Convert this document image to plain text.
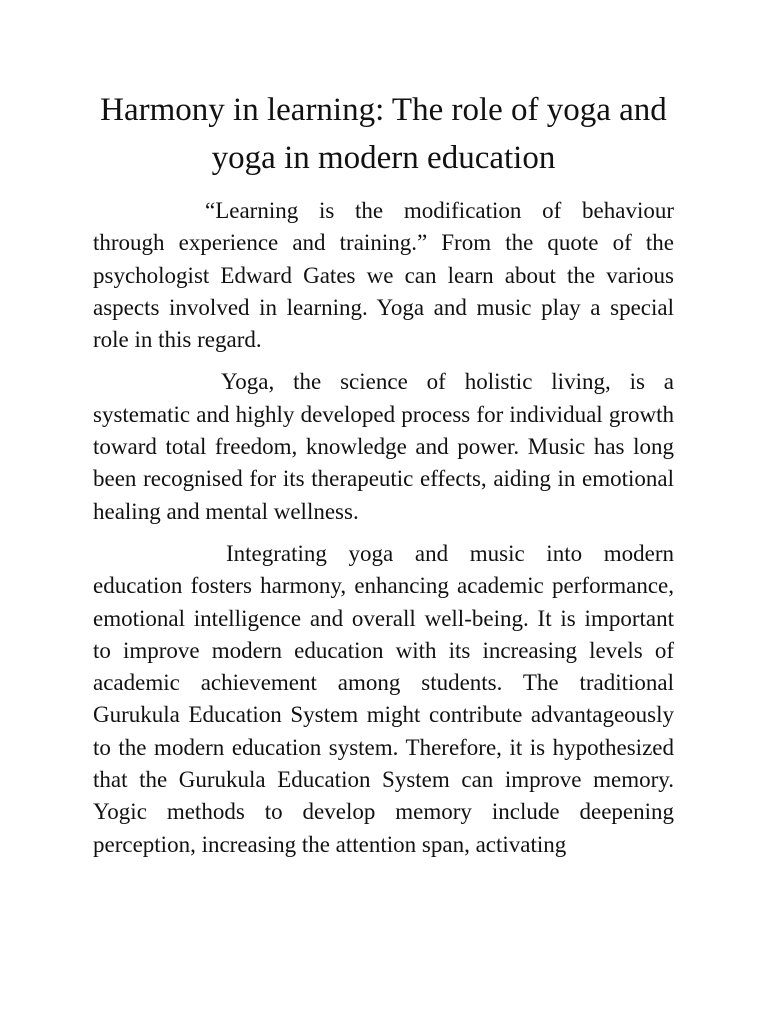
Harmony in learning: The role of yoga and yoga in modern education

“Learning is the modification of behaviour through experience and training.” From the quote of the psychologist Edward Gates we can learn about the various aspects involved in learning. Yoga and music play a special role in this regard.

Yoga, the science of holistic living, is a systematic and highly developed process for individual growth toward total freedom, knowledge and power. Music has long been recognised for its therapeutic effects, aiding in emotional healing and mental wellness.

Integrating yoga and music into modern education fosters harmony, enhancing academic performance, emotional intelligence and overall well-being. It is important to improve modern education with its increasing levels of academic achievement among students. The traditional Gurukula Education System might contribute advantageously to the modern education system. Therefore, it is hypothesized that the Gurukula Education System can improve memory. Yogic methods to develop memory include deepening perception, increasing the attention span, activating
